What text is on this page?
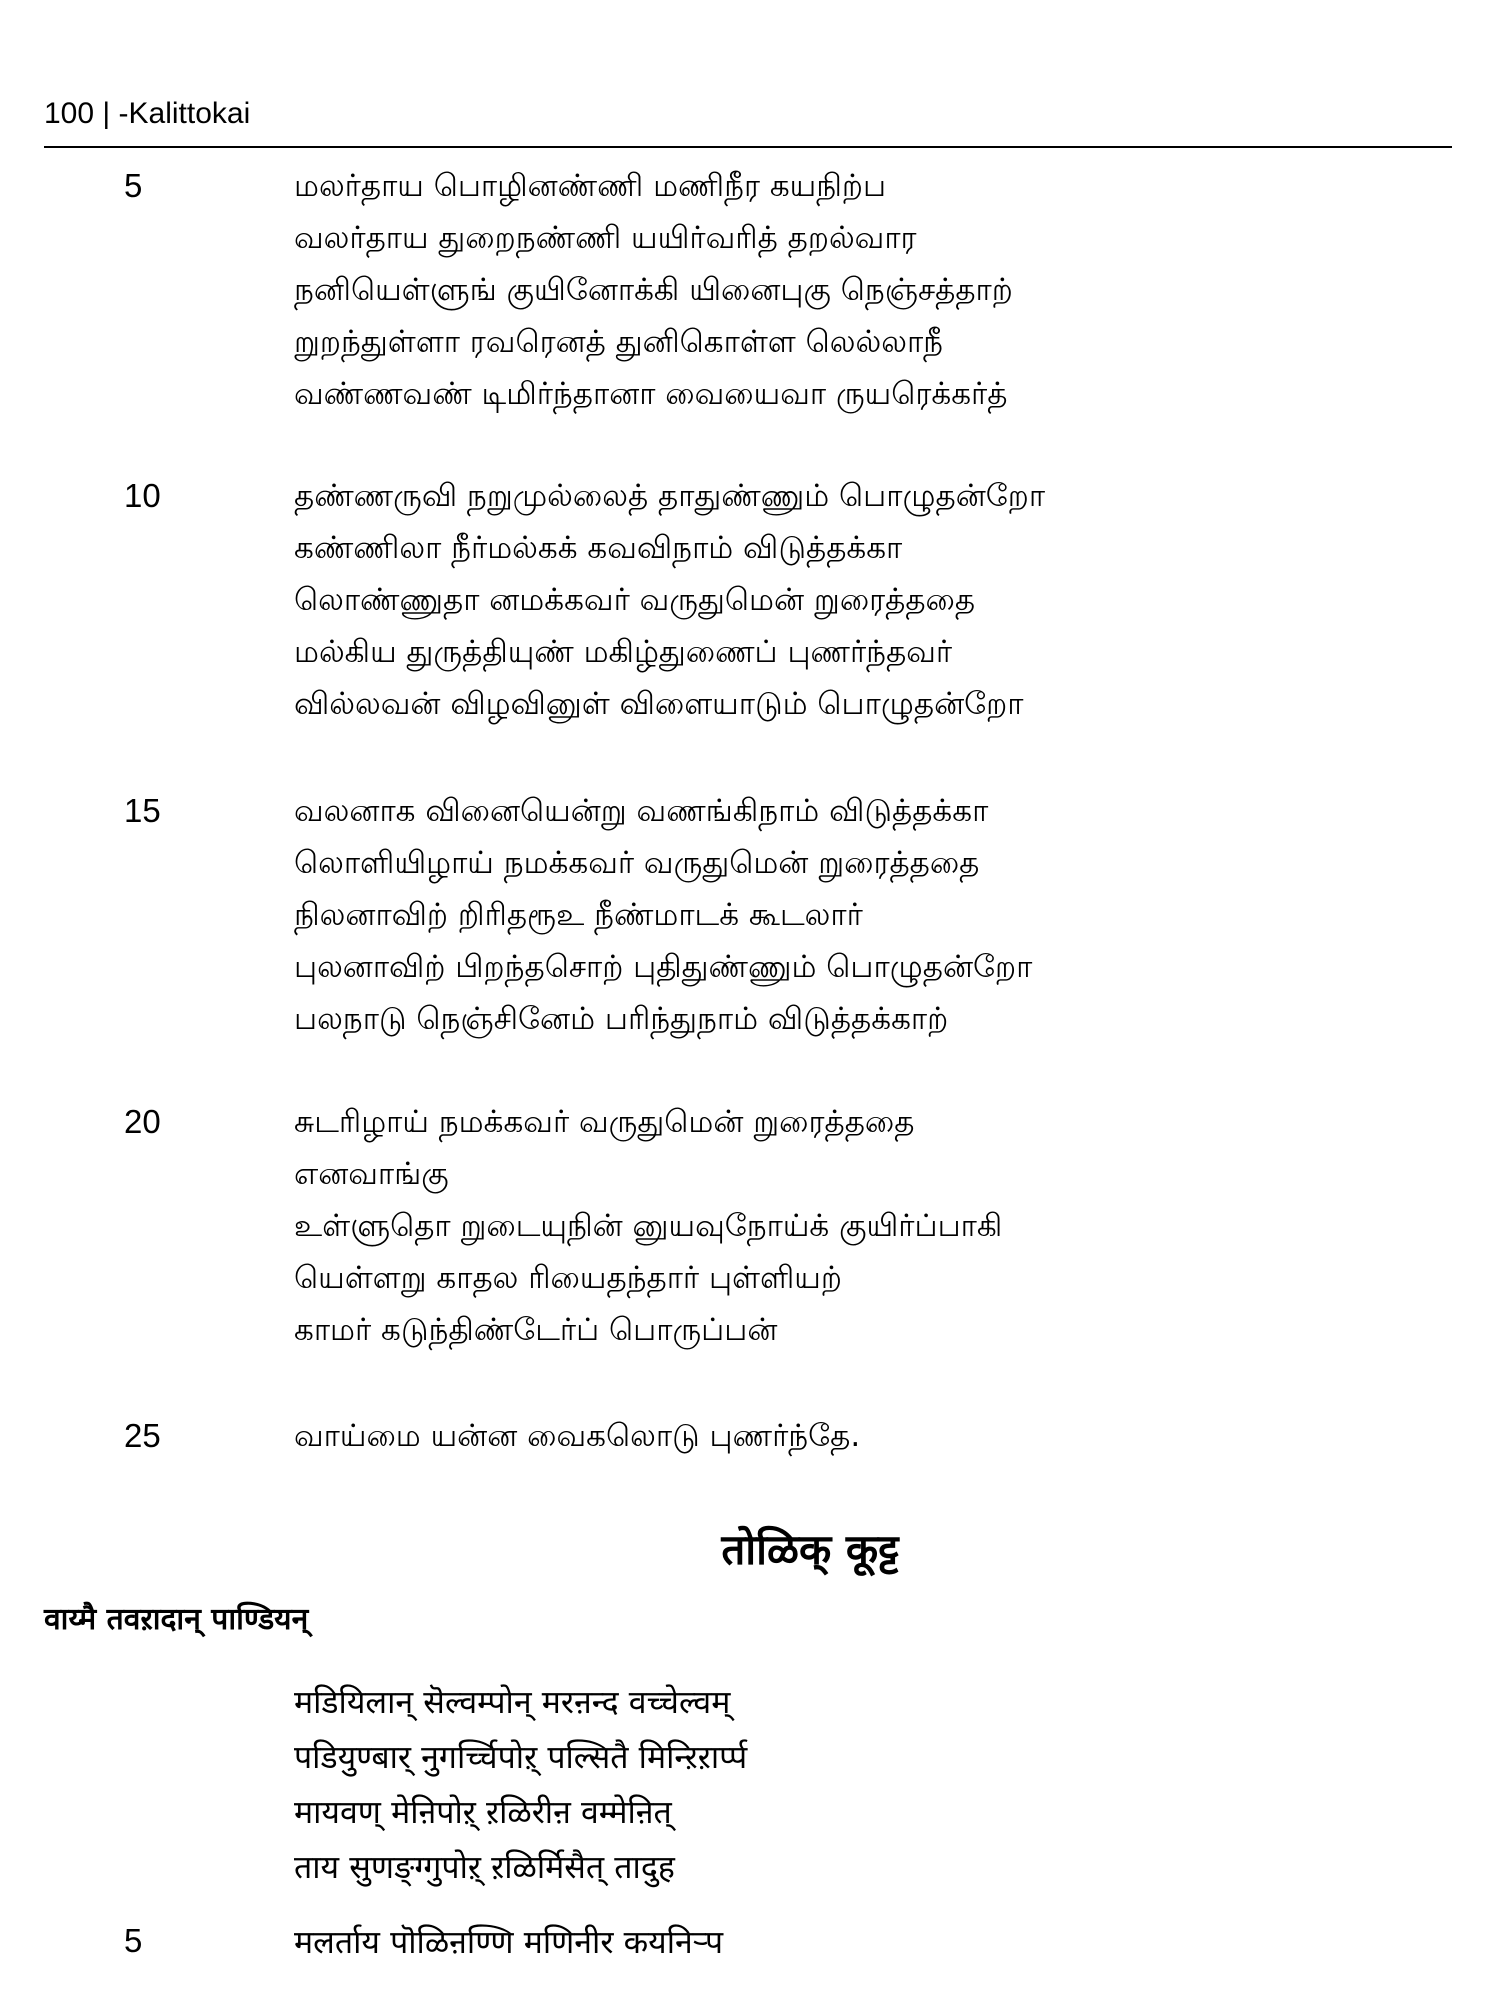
100 | -Kalittokai
5	மலர்தாய பொழினண்ணி மணிநீர கயநிற்ப
வலர்தாய துறைநண்ணி யயிர்வரித் தறல்வார
நனியெள்ளுங் குயினோக்கி யினைபுகு நெஞ்சத்தாற்
றுறந்துள்ளா ரவரெனத் துனிகொள்ள லெல்லாநீ
வண்ணவண் டிமிர்ந்தானா வையைவா ருயரெக்கர்த்
10	தண்ணருவி நறுமுல்லைத் தாதுண்ணும் பொழுதன்றோ
கண்ணிலா நீர்மல்கக் கவவிநாம் விடுத்தக்கா
லொண்ணுதா னமக்கவர் வருதுமென் றுரைத்ததை
மல்கிய துருத்தியுண் மகிழ்துணைப் புணர்ந்தவர்
வில்லவன் விழவினுள் விளையாடும் பொழுதன்றோ
15	வலனாக வினையென்று வணங்கிநாம் விடுத்தக்கா
லொளியிழாய் நமக்கவர் வருதுமென் றுரைத்ததை
நிலனாவிற் றிரிதரூஉ நீண்மாடக் கூடலார்
புலனாவிற் பிறந்தசொற் புதிதுண்ணும் பொழுதன்றோ
பலநாடு நெஞ்சினேம் பரிந்துநாம் விடுத்தக்காற்
20	சுடரிழாய் நமக்கவர் வருதுமென் றுரைத்ததை
எனவாங்கு
உள்ளுதொ றுடையுநின் னுயவுநோய்க் குயிர்ப்பாகி
யெள்ளறு காதல ரியைதந்தார் புள்ளியற்
காமர் கடுந்திண்டேர்ப் பொருப்பன்
25	வாய்மை யன்ன வைகலொடு புணர்ந்தே.
तोळिक् कूट्ट
वाय्मै तवऱादान् पाण्डियन्
मडियिलान् सॆल्वम्पोन् मरऩन्द वच्चेल्वम्
पडियुण्बार् नुगर्च्चिपोऱ् पल्सितै मिन्ऱिऱार्प्प
मायवण् मेऩिपोऱ् ऱळिरीऩ वम्मेऩित्
ताय सुणङ्ग्गुपोऱ् ऱळिर्मिसैत् तादुह
5	मलर्ताय पॊळिऩण्णि मणिनीर कयनिऱ्प
